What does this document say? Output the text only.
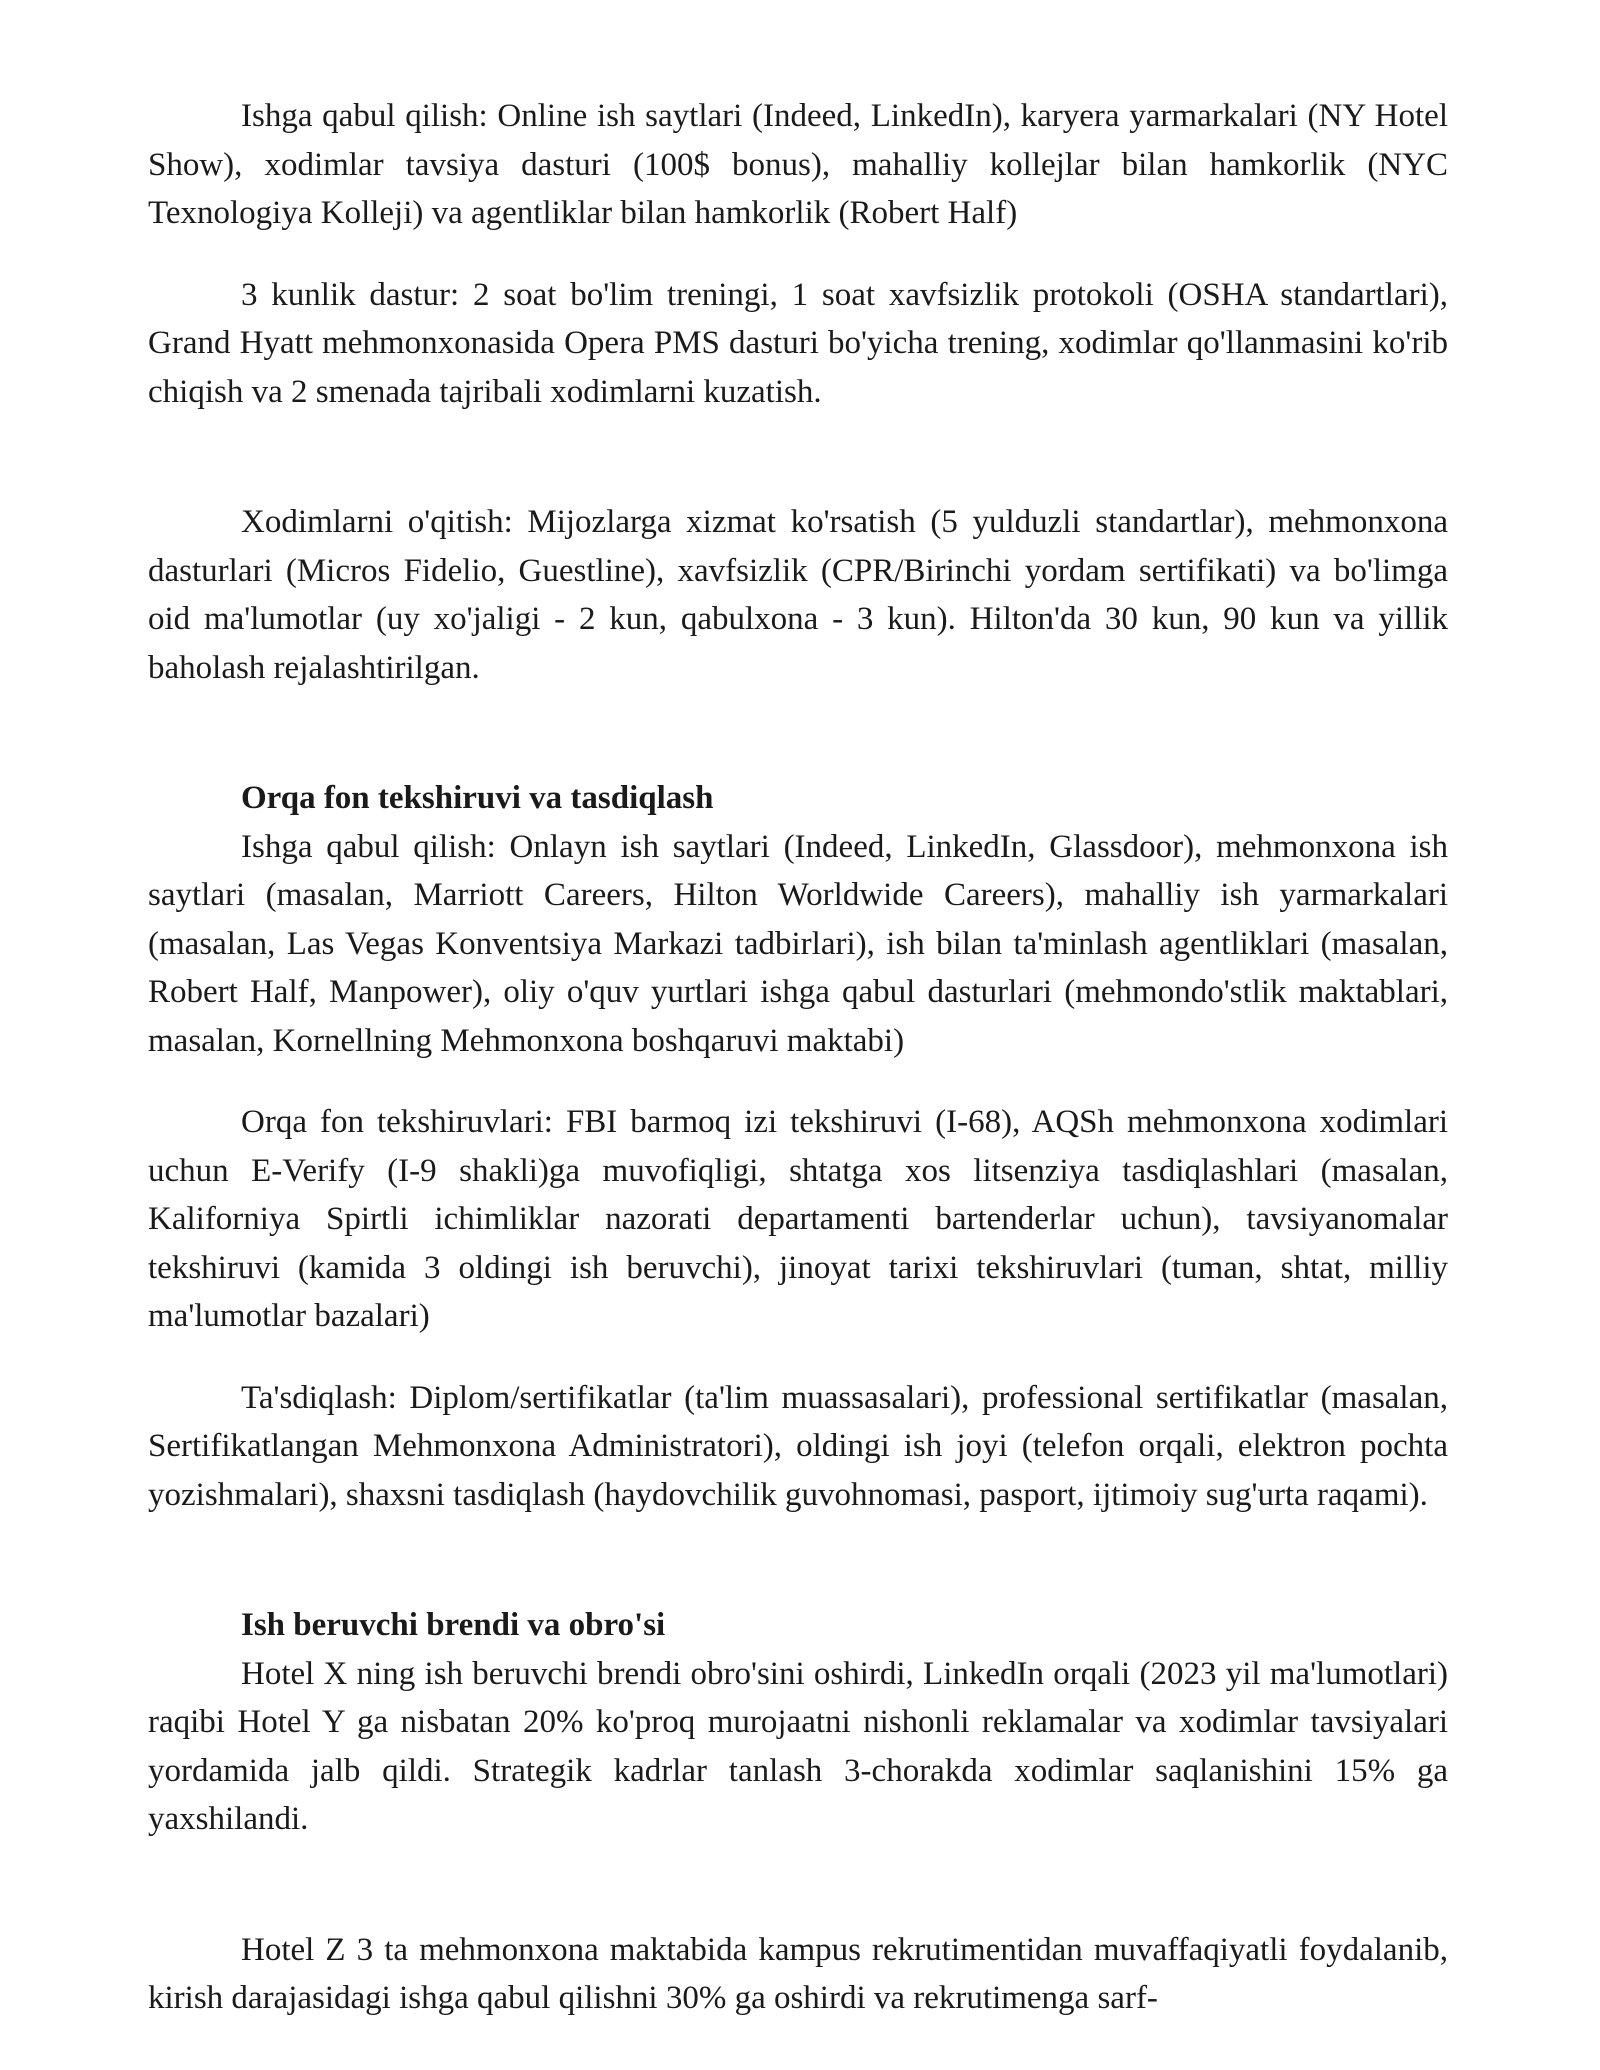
Ishga qabul qilish: Online ish saytlari (Indeed, LinkedIn), karyera yarmarkalari (NY Hotel Show), xodimlar tavsiya dasturi (100$ bonus), mahalliy kollejlar bilan hamkorlik (NYC Texnologiya Kolleji) va agentliklar bilan hamkorlik (Robert Half)

3 kunlik dastur: 2 soat bo'lim treningi, 1 soat xavfsizlik protokoli (OSHA standartlari), Grand Hyatt mehmonxonasida Opera PMS dasturi bo'yicha trening, xodimlar qo'llanmasini ko'rib chiqish va 2 smenada tajribali xodimlarni kuzatish.

Xodimlarni o'qitish: Mijozlarga xizmat ko'rsatish (5 yulduzli standartlar), mehmonxona dasturlari (Micros Fidelio, Guestline), xavfsizlik (CPR/Birinchi yordam sertifikati) va bo'limga oid ma'lumotlar (uy xo'jaligi - 2 kun, qabulxona - 3 kun). Hilton'da 30 kun, 90 kun va yillik baholash rejalashtirilgan.

Orqa fon tekshiruvi va tasdiqlash

Ishga qabul qilish: Onlayn ish saytlari (Indeed, LinkedIn, Glassdoor), mehmonxona ish saytlari (masalan, Marriott Careers, Hilton Worldwide Careers), mahalliy ish yarmarkalari (masalan, Las Vegas Konventsiya Markazi tadbirlari), ish bilan ta'minlash agentliklari (masalan, Robert Half, Manpower), oliy o'quv yurtlari ishga qabul dasturlari (mehmondo'stlik maktablari, masalan, Kornellning Mehmonxona boshqaruvi maktabi)

Orqa fon tekshiruvlari: FBI barmoq izi tekshiruvi (I-68), AQSh mehmonxona xodimlari uchun E-Verify (I-9 shakli)ga muvofiqligi, shtatga xos litsenziya tasdiqlashlari (masalan, Kaliforniya Spirtli ichimliklar nazorati departamenti bartenderlar uchun), tavsiyanomalar tekshiruvi (kamida 3 oldingi ish beruvchi), jinoyat tarixi tekshiruvlari (tuman, shtat, milliy ma'lumotlar bazalari)

Ta'sdiqlash: Diplom/sertifikatlar (ta'lim muassasalari), professional sertifikatlar (masalan, Sertifikatlangan Mehmonxona Administratori), oldingi ish joyi (telefon orqali, elektron pochta yozishmalari), shaxsni tasdiqlash (haydovchilik guvohnomasi, pasport, ijtimoiy sug'urta raqami).

Ish beruvchi brendi va obro'si

Hotel X ning ish beruvchi brendi obro'sini oshirdi, LinkedIn orqali (2023 yil ma'lumotlari) raqibi Hotel Y ga nisbatan 20% ko'proq murojaatni nishonli reklamalar va xodimlar tavsiyalari yordamida jalb qildi. Strategik kadrlar tanlash 3-chorakda xodimlar saqlanishini 15% ga yaxshilandi.

Hotel Z 3 ta mehmonxona maktabida kampus rekrutimentidan muvaffaqiyatli foydalanib, kirish darajasidagi ishga qabul qilishni 30% ga oshirdi va rekrutimenga sarf-
